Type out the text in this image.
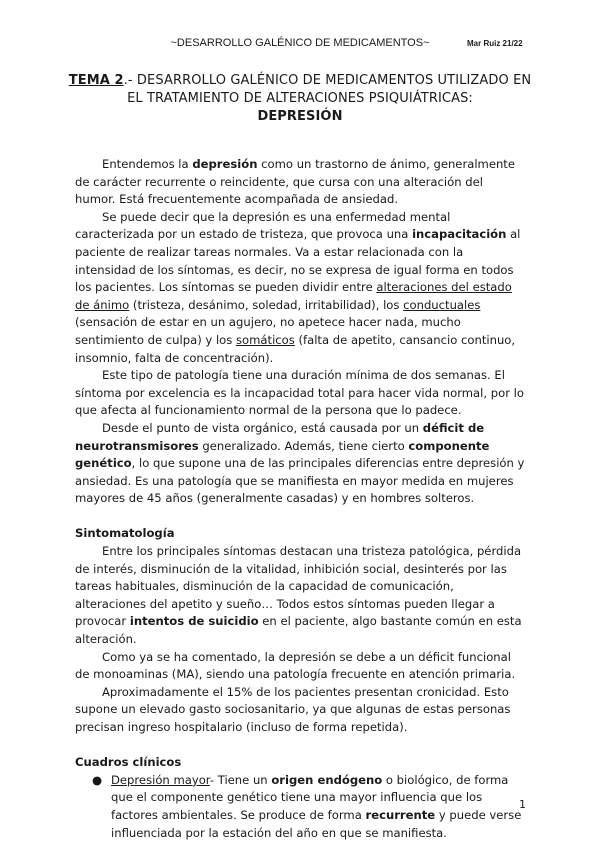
~DESARROLLO GALÉNICO DE MEDICAMENTOS~	Mar Ruiz 21/22
TEMA 2.- DESARROLLO GALÉNICO DE MEDICAMENTOS UTILIZADO EN EL TRATAMIENTO DE ALTERACIONES PSIQUIÁTRICAS:
DEPRESIÓN

Entendemos la depresión como un trastorno de ánimo, generalmente de carácter recurrente o reincidente, que cursa con una alteración del humor. Está frecuentemente acompañada de ansiedad.

Se puede decir que la depresión es una enfermedad mental caracterizada por un estado de tristeza, que provoca una incapacitación al paciente de realizar tareas normales. Va a estar relacionada con la intensidad de los síntomas, es decir, no se expresa de igual forma en todos los pacientes. Los síntomas se pueden dividir entre alteraciones del estado de ánimo (tristeza, desánimo, soledad, irritabilidad), los conductuales (sensación de estar en un agujero, no apetece hacer nada, mucho sentimiento de culpa) y los somáticos (falta de apetito, cansancio continuo, insomnio, falta de concentración).

Este tipo de patología tiene una duración mínima de dos semanas. El síntoma por excelencia es la incapacidad total para hacer vida normal, por lo que afecta al funcionamiento normal de la persona que lo padece.

Desde el punto de vista orgánico, está causada por un déficit de neurotransmisores generalizado. Además, tiene cierto componente genético, lo que supone una de las principales diferencias entre depresión y ansiedad. Es una patología que se manifiesta en mayor medida en mujeres mayores de 45 años (generalmente casadas) y en hombres solteros.

Sintomatología

Entre los principales síntomas destacan una tristeza patológica, pérdida de interés, disminución de la vitalidad, inhibición social, desinterés por las tareas habituales, disminución de la capacidad de comunicación, alteraciones del apetito y sueño… Todos estos síntomas pueden llegar a provocar intentos de suicidio en el paciente, algo bastante común en esta alteración.

Como ya se ha comentado, la depresión se debe a un déficit funcional de monoaminas (MA), siendo una patología frecuente en atención primaria.

Aproximadamente el 15% de los pacientes presentan cronicidad. Esto supone un elevado gasto sociosanitario, ya que algunas de estas personas precisan ingreso hospitalario (incluso de forma repetida).

Cuadros clínicos
● Depresión mayor- Tiene un origen endógeno o biológico, de forma que el componente genético tiene una mayor influencia que los factores ambientales. Se produce de forma recurrente y puede verse influenciada por la estación del año en que se manifiesta.
1
